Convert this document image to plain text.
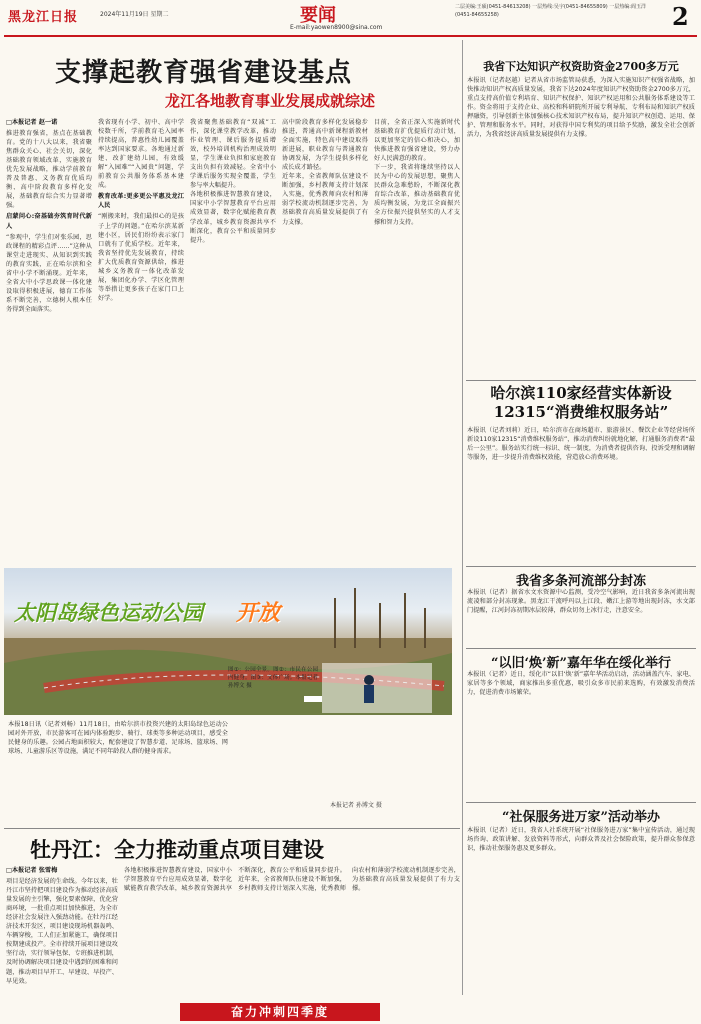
黑龙江日报	2024年11月19日 星期二	要闻
E-mail:yaowen8900@sina.com
二层美编:王硕(0451-84613208) 一层热线:吴宇(0451-84655809) 一层热编:阎玉洋(0451-84655258)	2
支撑起教育强省建设基点
龙江各地教育事业发展成就综述
□本报记者 赵一诺
推进教育强省，基点在基础教育。党的十八大以来，我省聚焦群众关心、社会关切，深化基础教育领域改革，实施教育优先发展战略，推动学前教育普及普惠、义务教育优质均衡、高中阶段教育多样化发展，基础教育综合实力显著增强。
启蒙问心:奋基础夯筑育时代新人
“参观中，学生们对张乐园，思政课程的精彩点评……”这种从课堂走进现实、从知识到实践的教育实践，正在哈尔滨和全省中小学不断涌现。近年来，全省大中小学思政课一体化建设取得积极进展，德育工作体系不断完善，立德树人根本任务得到全面落实。
我省现有小学、初中、高中学校数千所，学前教育毛入园率持续提高，普惠性幼儿园覆盖率达到国家要求。各地通过新建、改扩建幼儿园，有效缓解“入园难”“入园贵”问题，学前教育公共服务体系基本建成。
教育改革:更多更公平惠及龙江人民
“刚搬来时，我们最担心的是孩子上学的问题。”在哈尔滨某新建小区，居民们纷纷表示家门口就有了优质学校。近年来，我省坚持优先发展教育，持续扩大优质教育资源供给，推进城乡义务教育一体化改革发展，集团化办学、学区化管理等举措让更多孩子在家门口上好学。
我省聚焦基础教育“双减”工作，深化课堂教学改革，推动作业管理、课后服务提质增效，校外培训机构治理成效明显，学生课业负担和家庭教育支出负担有效减轻。全省中小学课后服务实现全覆盖，学生参与率大幅提升。
各地积极推进智慧教育建设，国家中小学智慧教育平台应用成效显著，数字化赋能教育教学改革，城乡教育资源共享不断深化，教育公平和质量同步提升。
高中阶段教育多样化发展稳步推进，普通高中新课程新教材全面实施，特色高中建设取得新进展，职业教育与普通教育协调发展，为学生提供多样化成长成才路径。
近年来，全省教师队伍建设不断加强，乡村教师支持计划深入实施，优秀教师向农村和薄弱学校流动机制逐步完善，为基础教育高质量发展提供了有力支撑。
目前，全省正深入实施新时代基础教育扩优提质行动计划，以更加坚定的信心和决心，加快推进教育强省建设，努力办好人民满意的教育。
下一步，我省将继续坚持以人民为中心的发展思想，聚焦人民群众急难愁盼，不断深化教育综合改革，推动基础教育优质均衡发展，为龙江全面振兴全方位振兴提供坚实的人才支撑和智力支持。
我省下达知识产权资助资金2700多万元
本报讯（记者赵越）记者从省市场监管局获悉，为深入实施知识产权强省战略，加快推动知识产权高质量发展，我省下达2024年度知识产权资助资金2700多万元，重点支持高价值专利培育、知识产权保护、知识产权运用和公共服务体系建设等工作。资金将用于支持企业、高校和科研院所开展专利导航、专利布局和知识产权质押融资，引导创新主体加强核心技术知识产权布局，提升知识产权创造、运用、保护、管理和服务水平。同时，对获得中国专利奖的项目给予奖励，激发全社会创新活力，为我省经济高质量发展提供有力支撑。
哈尔滨110家经营实体新设12315“消费维权服务站”
本报讯（记者刘莉）近日，哈尔滨市在商场超市、旅游景区、餐饮企业等经营场所新设110家12315“消费维权服务站”，推动消费纠纷就地化解，打通服务消费者“最后一公里”。服务站实行统一标识、统一制度，为消费者提供咨询、投诉受理和调解等服务，进一步提升消费维权效能，营造放心消费环境。
我省多条河流部分封冻
本报讯（记者）据省水文水资源中心监测，受冷空气影响，近日我省多条河流出现流凌和部分封冻现象。黑龙江干流呼玛以上江段、嫩江上游等地出现封冻，水文部门提醒，江河封冻初期冰层较薄，群众切勿上冰行走，注意安全。
“以旧‘焕’新”嘉年华在绥化举行
本报讯（记者）近日，绥化市“以旧‘焕’新”嘉年华活动启动，活动涵盖汽车、家电、家居等多个领域，商家推出多重优惠，吸引众多市民前来选购，有效激发消费活力，促进消费市场繁荣。
“社保服务进万家”活动举办
本报讯（记者）近日，我省人社系统开展“社保服务进万家”集中宣传活动，通过现场咨询、政策讲解、发放资料等形式，向群众普及社会保险政策，提升群众参保意识，推动社保服务惠及更多群众。
太阳岛绿色运动公园 开放
图①：公园全景。图②：市民在公园内健身。图③：文体广场。本报记者 孙博文 摄
本报18日讯（记者刘畅）11月18日，由哈尔滨市投资兴建的太阳岛绿色运动公园对外开放，市民游客可在园内体验跑步、骑行、球类等多种运动项目，感受全民健身的乐趣。公园占地面积较大，配套建设了智慧步道、足球场、篮球场、网球场、儿童游乐区等设施，满足不同年龄段人群的健身需求。
本报记者 孙博文 摄
牡丹江：全力推动重点项目建设
□本报记者 张雪梅
项目是经济发展的生命线。今年以来，牡丹江市坚持把项目建设作为推动经济高质量发展的主引擎，强化要素保障，优化营商环境，一批重点项目加快推进，为全市经济社会发展注入强劲动能。在牡丹江经济技术开发区，项目建设现场机器轰鸣、车辆穿梭，工人们正加紧施工，确保项目按期建成投产。全市持续开展项目建设攻坚行动，实行领导包保、专班推进机制，及时协调解决项目建设中遇到的困难和问题，推动项目早开工、早建设、早投产、早见效。
各地积极推进智慧教育建设，国家中小学智慧教育平台应用成效显著，数字化赋能教育教学改革，城乡教育资源共享不断深化，教育公平和质量同步提升。 近年来，全省教师队伍建设不断加强，乡村教师支持计划深入实施，优秀教师向农村和薄弱学校流动机制逐步完善，为基础教育高质量发展提供了有力支撑。
奋力冲刺四季度
